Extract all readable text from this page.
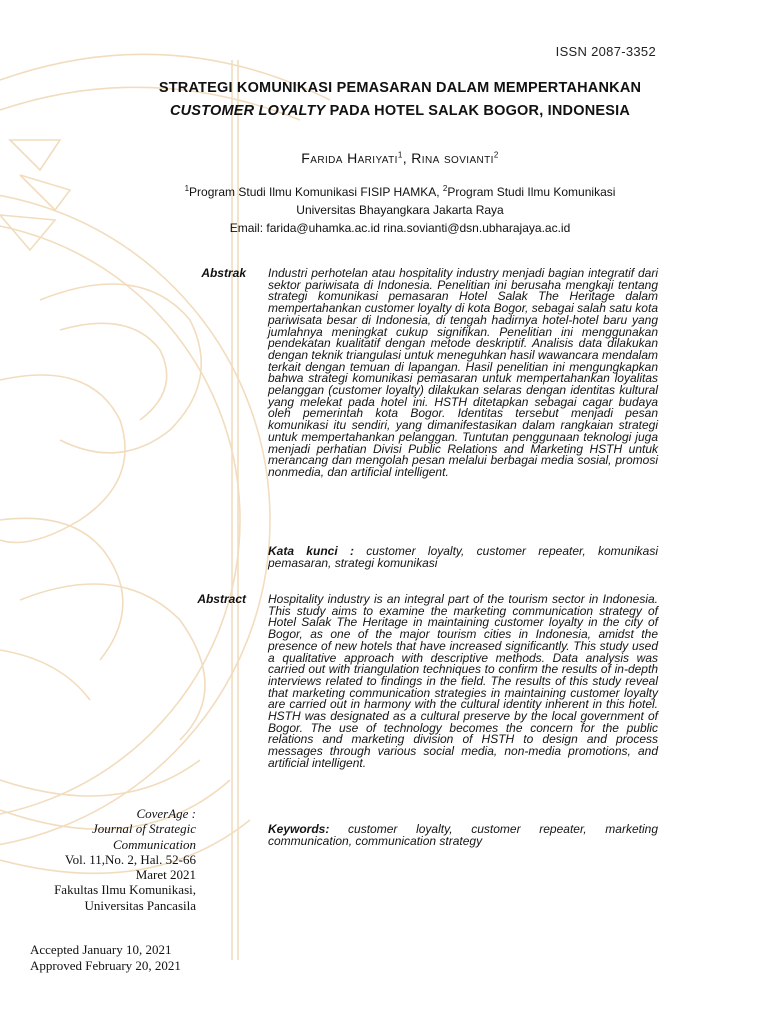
ISSN 2087-3352
STRATEGI KOMUNIKASI PEMASARAN DALAM MEMPERTAHANKAN
CUSTOMER LOYALTY PADA HOTEL SALAK BOGOR, INDONESIA
Farida Hariyati$^1$, Rina sovianti$^2$
$^1$Program Studi Ilmu Komunikasi FISIP HAMKA, $^2$Program Studi Ilmu Komunikasi
Universitas Bhayangkara Jakarta Raya
Email: farida@uhamka.ac.id rina.sovianti@dsn.ubharajaya.ac.id
Abstrak Industri perhotelan atau hospitality industry menjadi bagian integratif dari sektor pariwisata di Indonesia. Penelitian ini berusaha mengkaji tentang strategi komunikasi pemasaran Hotel Salak The Heritage dalam mempertahankan customer loyalty di kota Bogor, sebagai salah satu kota pariwisata besar di Indonesia, di tengah hadirnya hotel-hotel baru yang jumlahnya meningkat cukup signifikan. Penelitian ini menggunakan pendekatan kualitatif dengan metode deskriptif. Analisis data dilakukan dengan teknik triangulasi untuk meneguhkan hasil wawancara mendalam terkait dengan temuan di lapangan. Hasil penelitian ini mengungkapkan bahwa strategi komunikasi pemasaran untuk mempertahankan loyalitas pelanggan (customer loyalty) dilakukan selaras dengan identitas kultural yang melekat pada hotel ini. HSTH ditetapkan sebagai cagar budaya oleh pemerintah kota Bogor. Identitas tersebut menjadi pesan komunikasi itu sendiri, yang dimanifestasikan dalam rangkaian strategi untuk mempertahankan pelanggan. Tuntutan penggunaan teknologi juga menjadi perhatian Divisi Public Relations and Marketing HSTH untuk merancang dan mengolah pesan melalui berbagai media sosial, promosi nonmedia, dan artificial intelligent.
Kata kunci : customer loyalty, customer repeater, komunikasi pemasaran, strategi komunikasi
Abstract Hospitality industry is an integral part of the tourism sector in Indonesia. This study aims to examine the marketing communication strategy of Hotel Salak The Heritage in maintaining customer loyalty in the city of Bogor, as one of the major tourism cities in Indonesia, amidst the presence of new hotels that have increased significantly. This study used a qualitative approach with descriptive methods. Data analysis was carried out with triangulation techniques to confirm the results of in-depth interviews related to findings in the field. The results of this study reveal that marketing communication strategies in maintaining customer loyalty are carried out in harmony with the cultural identity inherent in this hotel. HSTH was designated as a cultural preserve by the local government of Bogor. The use of technology becomes the concern for the public relations and marketing division of HSTH to design and process messages through various social media, non-media promotions, and artificial intelligent.
Keywords: customer loyalty, customer repeater, marketing communication, communication strategy
CoverAge :
Journal of Strategic
Communication
Vol. 11,No. 2, Hal. 52-66
Maret 2021
Fakultas Ilmu Komunikasi,
Universitas Pancasila
Accepted January 10, 2021
Approved February 20, 2021
